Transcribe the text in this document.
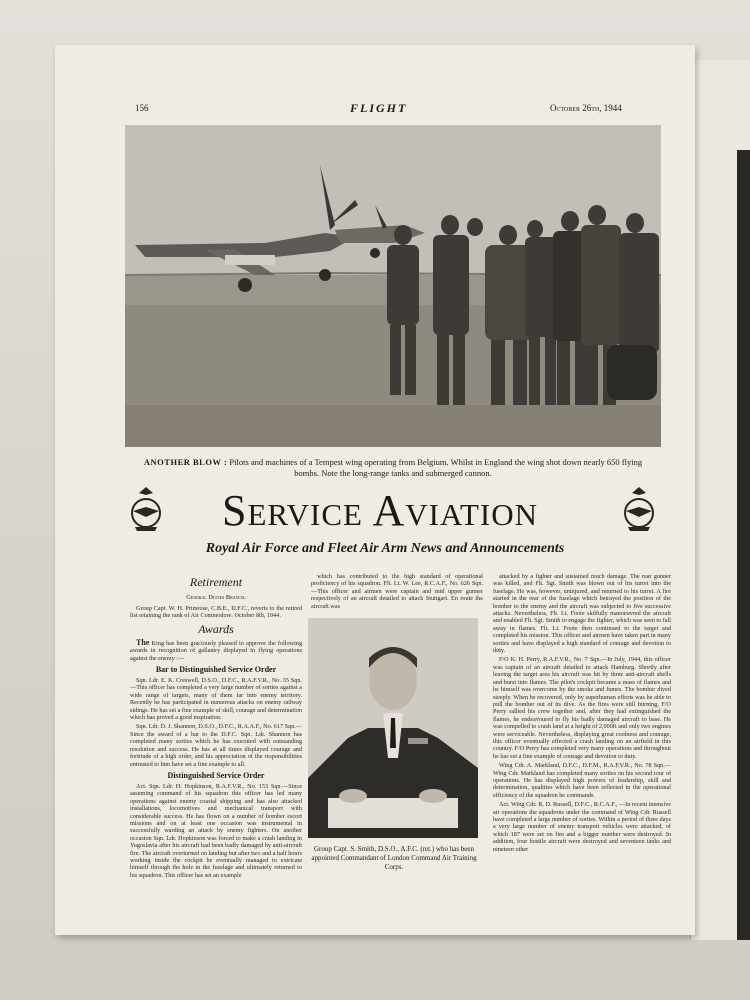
156	FLIGHT	October 26th, 1944
ANOTHER BLOW : Pilots and machines of a Tempest wing operating from Belgium. Whilst in England the wing shot down nearly 650 flying bombs. Note the long-range tanks and submerged cannon.
Service Aviation
Royal Air Force and Fleet Air Arm News and Announcements
Retirement
General Duties Branch.

Group Capt. W. H. Primrose, C.B.E., D.F.C., reverts to the retired list retaining the rank of Air Commodore. October 8th, 1944.

Awards

The King has been graciously pleased to approve the following awards in recognition of gallantry displayed in flying operations against the enemy :—

Bar to Distinguished Service Order

Sqn. Ldr. E. K. Creswell, D.S.O., D.F.C., R.A.F.V.R., No. 35 Sqn.—This officer has completed a very large number of sorties against a wide range of targets, many of them far into enemy territory. Recently he has participated in numerous attacks on enemy railway sidings. He has set a fine example of skill, courage and determination which has proved a good inspiration.

Sqn. Ldr. D. J. Shannon, D.S.O., D.F.C., R.A.A.F., No. 617 Sqn.—Since the award of a bar to the D.F.C. Sqn. Ldr. Shannon has completed many sorties which he has executed with outstanding resolution and success. He has at all times displayed courage and fortitude of a high order, and his appreciation of the responsibilities entrusted to him have set a fine example to all.

Distinguished Service Order

Act. Sqn. Ldr. H. Hopkinson, R.A.F.V.R., No. 153 Sqn.—Since assuming command of his squadron this officer has led many operations against enemy coastal shipping and has also attacked installations, locomotives and mechanical transport with considerable success. He has flown on a number of bomber escort missions and on at least one occasion was instrumental in successfully warding an attack by enemy fighters. On another occasion Sqn. Ldr. Hopkinson was forced to make a crash landing in Yugoslavia after his aircraft had been badly damaged by anti-aircraft fire. The aircraft overturned on landing but after two and a half hours working inside the cockpit he eventually managed to extricate himself through the hole in the fuselage and ultimately returned to his squadron. This officer has set an example

which has contributed to the high standard of operational proficiency of his squadron. Flt. Lt. W. Lee, R.C.A.F., No. 626 Sqn.—This officer and airmen were captain and mid upper gunner respectively of an aircraft detailed to attack Stuttgart. En route the aircraft was

Group Capt. S. Smith, D.S.O., A.F.C. (ret.) who has been appointed Commandant of London Command Air Training Corps.

attacked by a fighter and sustained much damage. The rear gunner was killed, and Flt. Sgt. Smith was blown out of his turret into the fuselage. He was, however, uninjured, and returned to his turret. A fire started in the rear of the fuselage which betrayed the position of the bomber to the enemy and the aircraft was subjected to five successive attacks. Nevertheless, Flt. Lt. Foote skilfully manoeuvred the aircraft and enabled Flt. Sgt. Smith to engage the fighter, which was seen to fall away in flames. Flt. Lt. Foote then continued to the target and completed his mission. This officer and airmen have taken part in many sorties and have displayed a high standard of courage and devotion to duty.

F/O K. H. Perry, R.A.F.V.R., No. 7 Sqn.—In July, 1944, this officer was captain of an aircraft detailed to attack Hamburg. Shortly after leaving the target area his aircraft was hit by three anti-aircraft shells and burst into flames. The pilot's cockpit became a mass of flames and he himself was overcome by the smoke and fumes. The bomber dived steeply. When he recovered, only by superhuman efforts was he able to pull the bomber out of its dive. As the fires were still burning, F/O Perry rallied his crew together and, after they had extinguished the flames, he endeavoured to fly his badly damaged aircraft to base. He was compelled to crash land at a height of 2,000ft and only two engines were serviceable. Nevertheless, displaying great coolness and courage, this officer eventually effected a crash landing on an airfield in this country. F/O Perry has completed very many operations and throughout he has set a fine example of courage and devotion to duty.

Wing Cdr. A. Markland, D.F.C., D.F.M., R.A.F.V.R., No. 78 Sqn.—Wing Cdr. Markland has completed many sorties on his second tour of operations. He has displayed high powers of leadership, skill and determination, qualities which have been reflected in the operational efficiency of the squadron he commands.

Act. Wing Cdr. R. D. Russell, D.F.C., R.C.A.F., —In recent intensive air operations the squadrons under the command of Wing Cdr. Russell have completed a large number of sorties. Within a period of three days a very large number of enemy transport vehicles were attacked, of which 187 were set on fire and a bigger number were destroyed. In addition, four hostile aircraft were destroyed and seventeen tanks and nineteen other
